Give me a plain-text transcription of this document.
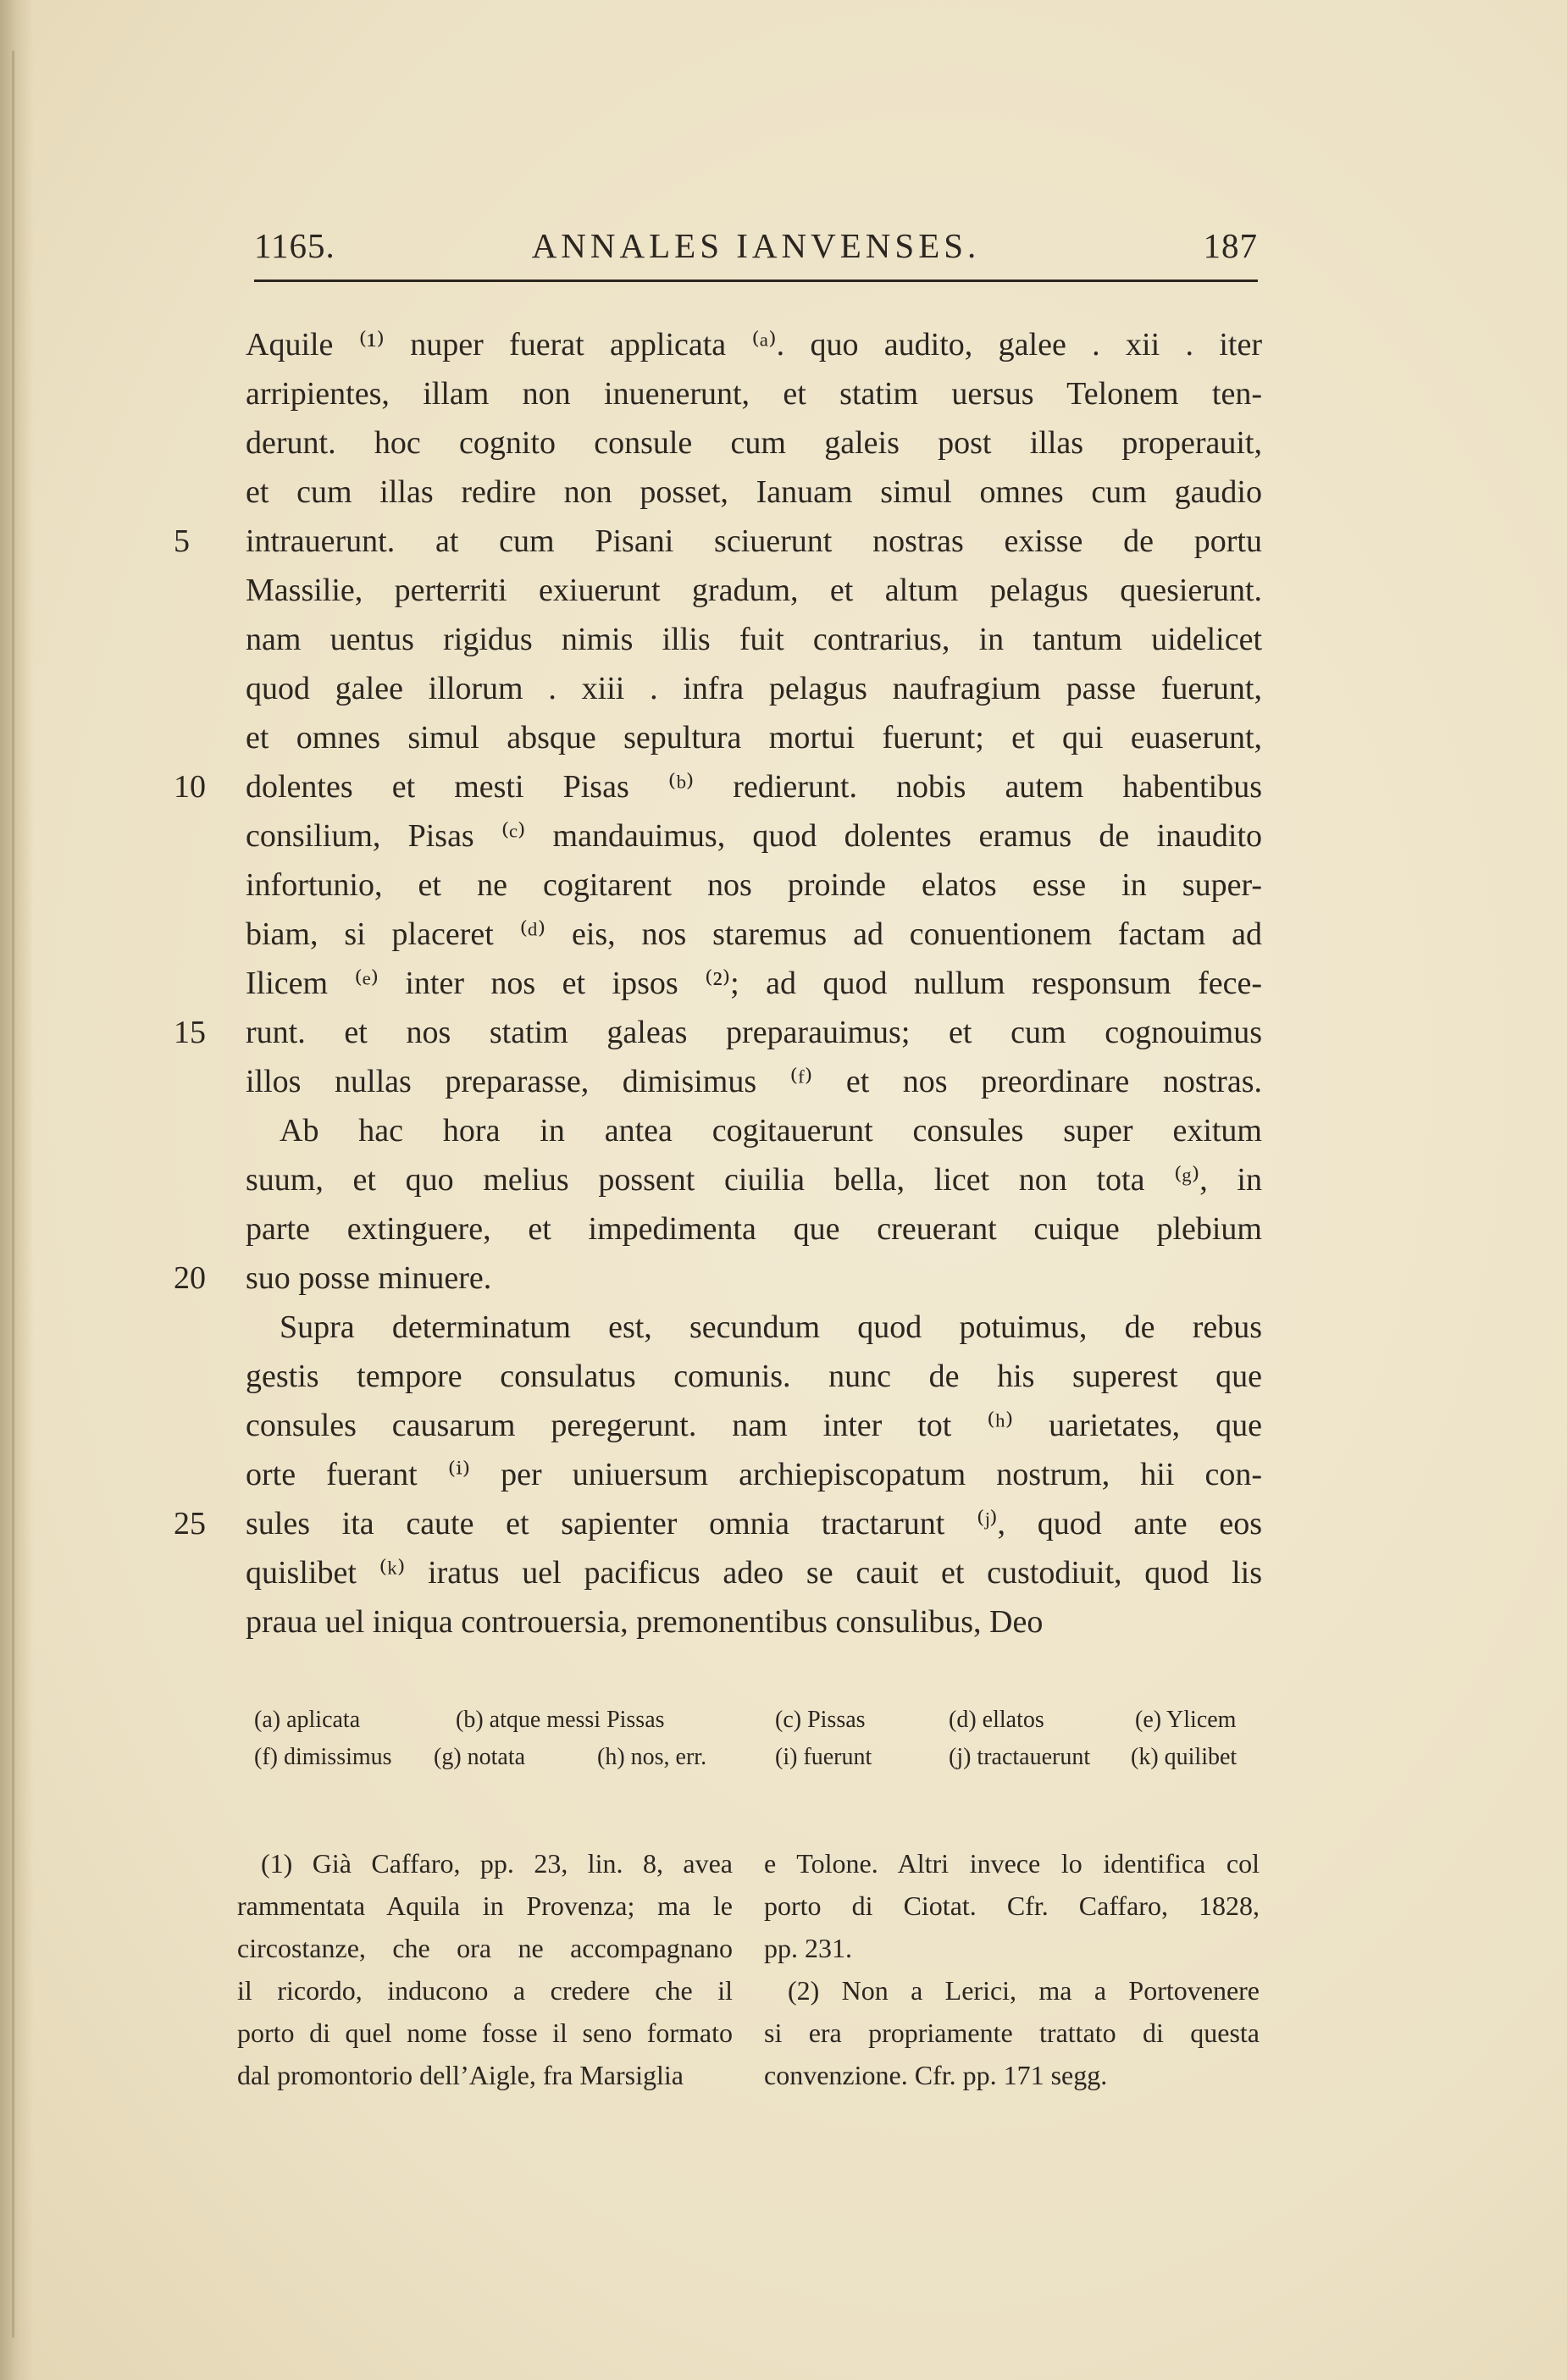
1165.	ANNALES IANVENSES.	187
Aquile ⁽¹⁾ nuper fuerat applicata ⁽ᵃ⁾. quo audito, galee . xii . iter
arripientes, illam non inuenerunt, et statim uersus Telonem ten-
derunt. hoc cognito consule cum galeis post illas properauit,
et cum illas redire non posset, Ianuam simul omnes cum gaudio
intrauerunt. at cum Pisani sciuerunt nostras exisse de portu
Massilie, perterriti exiuerunt gradum, et altum pelagus quesierunt.
nam uentus rigidus nimis illis fuit contrarius, in tantum uidelicet
quod galee illorum . xiii . infra pelagus naufragium passe fuerunt,
et omnes simul absque sepultura mortui fuerunt; et qui euaserunt,
dolentes et mesti Pisas ⁽ᵇ⁾ redierunt. nobis autem habentibus
consilium, Pisas ⁽ᶜ⁾ mandauimus, quod dolentes eramus de inaudito
infortunio, et ne cogitarent nos proinde elatos esse in super-
biam, si placeret ⁽ᵈ⁾ eis, nos staremus ad conuentionem factam ad
Ilicem ⁽ᵉ⁾ inter nos et ipsos ⁽²⁾; ad quod nullum responsum fece-
runt. et nos statim galeas preparauimus; et cum cognouimus
illos nullas preparasse, dimisimus ⁽ᶠ⁾ et nos preordinare nostras.
Ab hac hora in antea cogitauerunt consules super exitum
suum, et quo melius possent ciuilia bella, licet non tota ⁽ᵍ⁾, in
parte extinguere, et impedimenta que creuerant cuique plebium
suo posse minuere.
Supra determinatum est, secundum quod potuimus, de rebus
gestis tempore consulatus comunis. nunc de his superest que
consules causarum peregerunt. nam inter tot ⁽ʰ⁾ uarietates, que
orte fuerant ⁽ⁱ⁾ per uniuersum archiepiscopatum nostrum, hii con-
sules ita caute et sapienter omnia tractarunt ⁽ʲ⁾, quod ante eos
quislibet ⁽ᵏ⁾ iratus uel pacificus adeo se cauit et custodiuit, quod lis
praua uel iniqua controuersia, premonentibus consulibus, Deo
5
10
15
20
25
(a) aplicata	(b) atque messi Pissas	(c) Pissas	(d) ellatos	(e) Ylicem
(f) dimissimus (g) notata	(h) nos, err.	(i) fuerunt	(j) tractauerunt (k) quilibet
(1) Già Caffaro, pp. 23, lin. 8, avea
rammentata Aquila in Provenza; ma le
circostanze, che ora ne accompagnano
il ricordo, inducono a credere che il
porto di quel nome fosse il seno formato
dal promontorio dell’Aigle, fra Marsiglia
e Tolone. Altri invece lo identifica col
porto di Ciotat. Cfr. Caffaro, 1828,
pp. 231.
(2) Non a Lerici, ma a Portovenere
si era propriamente trattato di questa
convenzione. Cfr. pp. 171 segg.
